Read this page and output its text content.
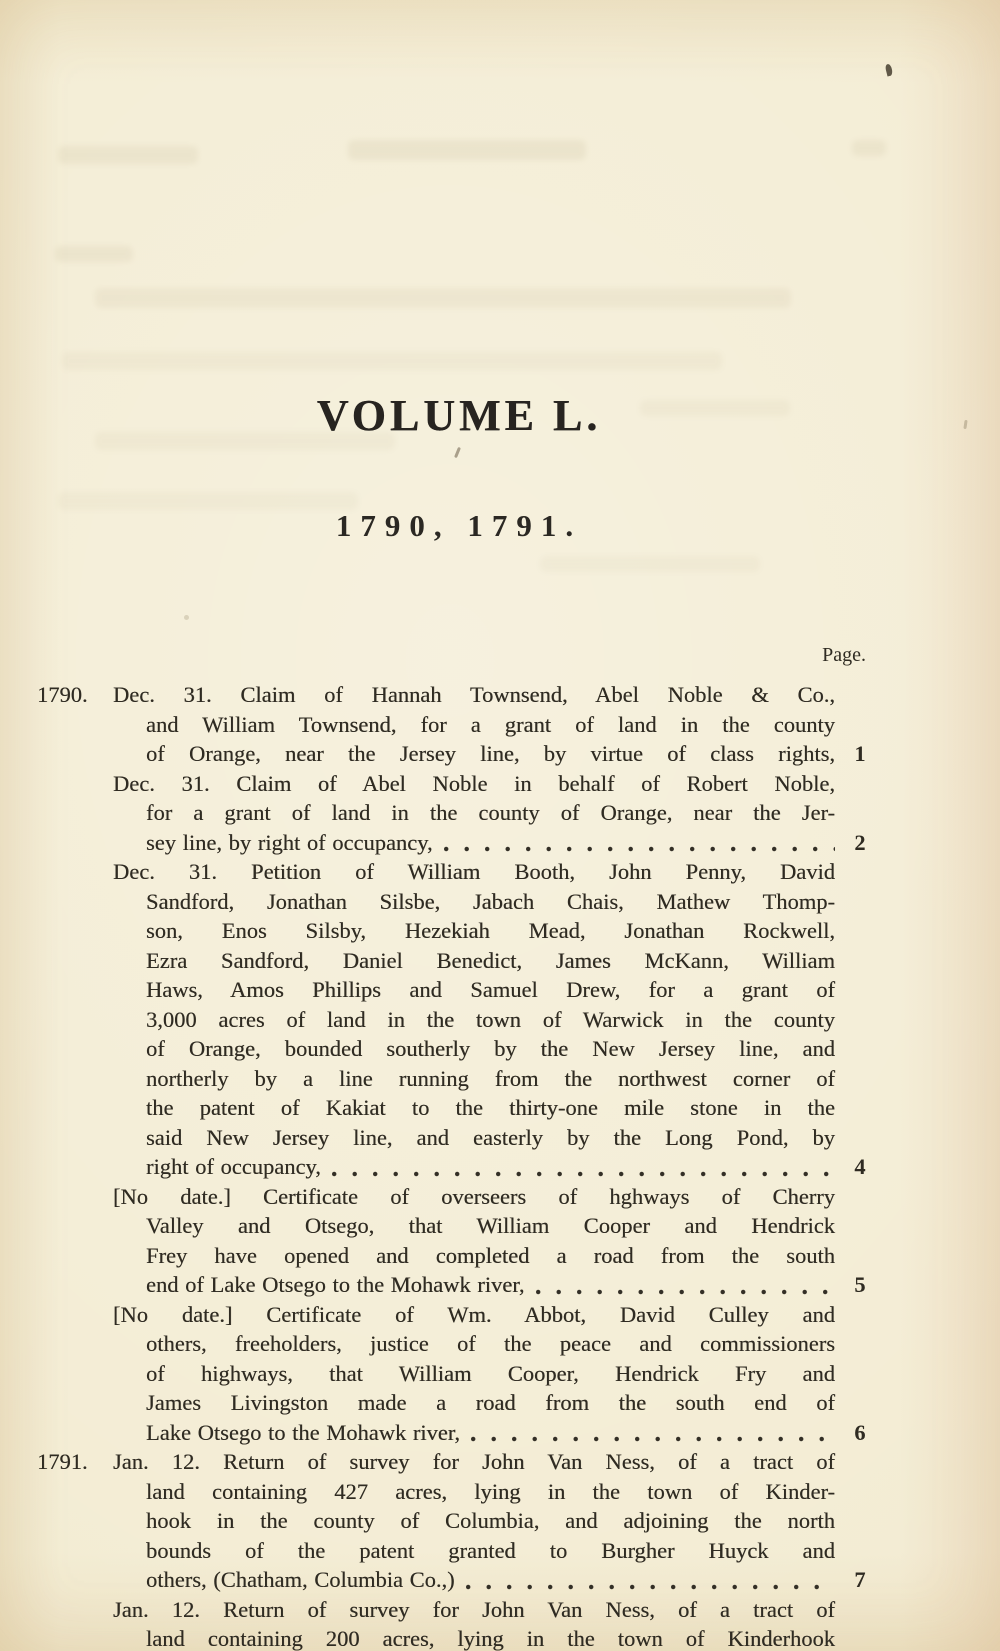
VOLUME L.
1790, 1791.
Page.
1790. Dec. 31. Claim of Hannah Townsend, Abel Noble & Co.,
and William Townsend, for a grant of land in the county
of Orange, near the Jersey line, by virtue of class rights, 1
Dec. 31. Claim of Abel Noble in behalf of Robert Noble,
for a grant of land in the county of Orange, near the Jer-
sey line, by right of occupancy,	2
Dec. 31. Petition of William Booth, John Penny, David
Sandford, Jonathan Silsbe, Jabach Chais, Mathew Thomp-
son, Enos Silsby, Hezekiah Mead, Jonathan Rockwell,
Ezra Sandford, Daniel Benedict, James McKann, William
Haws, Amos Phillips and Samuel Drew, for a grant of
3,000 acres of land in the town of Warwick in the county
of Orange, bounded southerly by the New Jersey line, and
northerly by a line running from the northwest corner of
the patent of Kakiat to the thirty-one mile stone in the
said New Jersey line, and easterly by the Long Pond, by
right of occupancy,	4
[No date.] Certificate of overseers of hghways of Cherry
Valley and Otsego, that William Cooper and Hendrick
Frey have opened and completed a road from the south
end of Lake Otsego to the Mohawk river,	5
[No date.] Certificate of Wm. Abbot, David Culley and
others, freeholders, justice of the peace and commissioners
of highways, that William Cooper, Hendrick Fry and
James Livingston made a road from the south end of
Lake Otsego to the Mohawk river,	6
1791. Jan. 12. Return of survey for John Van Ness, of a tract of
land containing 427 acres, lying in the town of Kinder-
hook in the county of Columbia, and adjoining the north
bounds of the patent granted to Burgher Huyck and
others, (Chatham, Columbia Co.,)	7
Jan. 12. Return of survey for John Van Ness, of a tract of
land containing 200 acres, lying in the town of Kinderhook
